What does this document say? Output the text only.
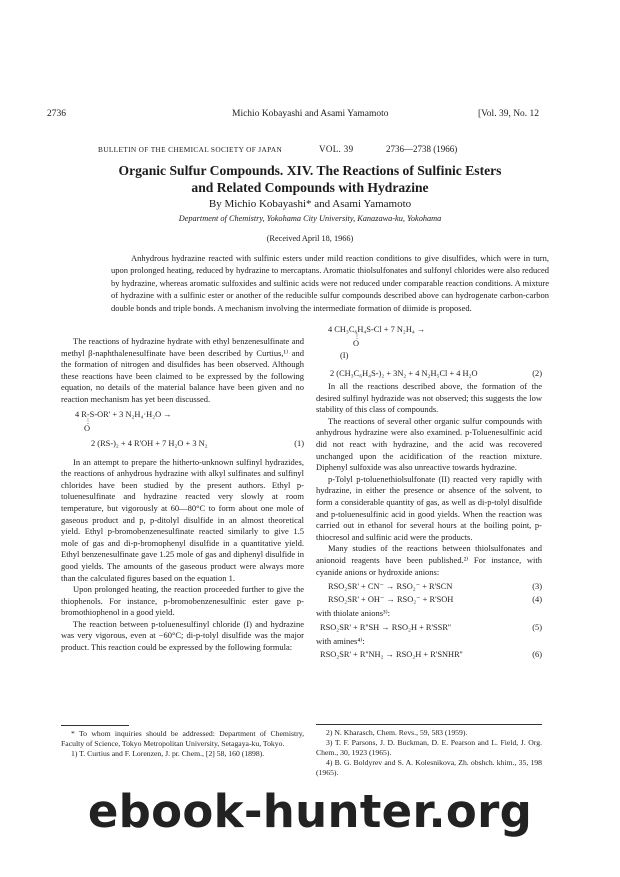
2736	Michio Kobayashi and Asami Yamamoto	[Vol. 39, No. 12
BULLETIN OF THE CHEMICAL SOCIETY OF JAPAN	VOL. 39	2736—2738 (1966)
Organic Sulfur Compounds. XIV. The Reactions of Sulfinic Esters
and Related Compounds with Hydrazine
By Michio Kobayashi* and Asami Yamamoto
Department of Chemistry, Yokohama City University, Kanazawa-ku, Yokohama
(Received April 18, 1966)

Anhydrous hydrazine reacted with sulfinic esters under mild reaction conditions to give disulfides, which were in turn, upon prolonged heating, reduced by hydrazine to mercaptans. Aromatic thiolsulfonates and sulfonyl chlorides were also reduced by hydrazine, whereas aromatic sulfoxides and sulfinic acids were not reduced under comparable reaction conditions. A mixture of hydrazine with a sulfinic ester or another of the reducible sulfur compounds described above can hydrogenate carbon-carbon double bonds and triple bonds. A mechanism involving the intermediate formation of diimide is proposed.

The reactions of hydrazine hydrate with ethyl benzenesulfinate and methyl β-naphthalenesulfinate have been described by Curtius,¹⁾ and the formation of nitrogen and disulfides has been observed. Although these reactions have been claimed to be expressed by the following equation, no details of the material balance have been given and no reaction mechanism has yet been discussed.

4 R-S-OR' + 3 N₂H₄·H₂O →
⋮
O
2 (RS-)₂ + 4 R'OH + 7 H₂O + 3 N₂	(1)

In an attempt to prepare the hitherto-unknown sulfinyl hydrazides, the reactions of anhydrous hydrazine with alkyl sulfinates and sulfinyl chlorides have been studied by the present authors. Ethyl p-toluenesulfinate and hydrazine reacted very slowly at room temperature, but vigorously at 60—80°C to form about one mole of gaseous product and p, p-ditolyl disulfide in an almost theoretical yield. Ethyl p-bromobenzenesulfinate reacted similarly to give 1.5 mole of gas and di-p-bromophenyl disulfide in a quantitative yield. Ethyl benzenesulfinate gave 1.25 mole of gas and diphenyl disulfide in good yields. The amounts of the gaseous product were always more than the calculated figures based on the equation 1.

Upon prolonged heating, the reaction proceeded further to give the thiophenols. For instance, p-bromobenzenesulfinic ester gave p-bromothiophenol in a good yield.

The reaction between p-toluenesulfinyl chloride (I) and hydrazine was very vigorous, even at −60°C; di-p-tolyl disulfide was the major product. This reaction could be expressed by the following formula:

* To whom inquiries should be addressed: Department of Chemistry, Faculty of Science, Tokyo Metropolitan University, Setagaya-ku, Tokyo.
1) T. Curtius and F. Lorenzen, J. pr. Chem., [2] 58, 160 (1898).
4 CH₃C₆H₄S-Cl + 7 N₂H₄ →
⋮
O
(I)
2 (CH₃C₆H₄S-)₂ + 3N₂ + 4 N₂H₅Cl + 4 H₂O	(2)

In all the reactions described above, the formation of the desired sulfinyl hydrazide was not observed; this suggests the low stability of this class of compounds.

The reactions of several other organic sulfur compounds with anhydrous hydrazine were also examined. p-Toluenesulfinic acid did not react with hydrazine, and the acid was recovered unchanged upon the acidification of the reaction mixture. Diphenyl sulfoxide was also unreactive towards hydrazine.

p-Tolyl p-toluenethiolsulfonate (II) reacted very rapidly with hydrazine, in either the presence or absence of the solvent, to form a considerable quantity of gas, as well as di-p-tolyl disulfide and p-toluenesulfinic acid in good yields. When the reaction was carried out in ethanol for several hours at the boiling point, p-thiocresol and sulfinic acid were the products.

Many studies of the reactions between thiolsulfonates and anionoid reagents have been published.²⁾ For instance, with cyanide anions or hydroxide anions:

RSO₂SR' + CN⁻ → RSO₂⁻ + R'SCN	(3)
RSO₂SR' + OH⁻ → RSO₂⁻ + R'SOH	(4)

with thiolate anions³⁾:

RSO₂SR' + R''SH → RSO₂H + R'SSR''	(5)

with amines⁴⁾:

RSO₂SR' + R''NH₂ → RSO₂H + R'SNHR''	(6)
2) N. Kharasch, Chem. Revs., 59, 583 (1959).
3) T. F. Parsons, J. D. Buckman, D. E. Pearson and L. Field, J. Org. Chem., 30, 1923 (1965).
4) B. G. Boldyrev and S. A. Kolesnikova, Zh. obshch. khim., 35, 198 (1965).
ebook-hunter.org
